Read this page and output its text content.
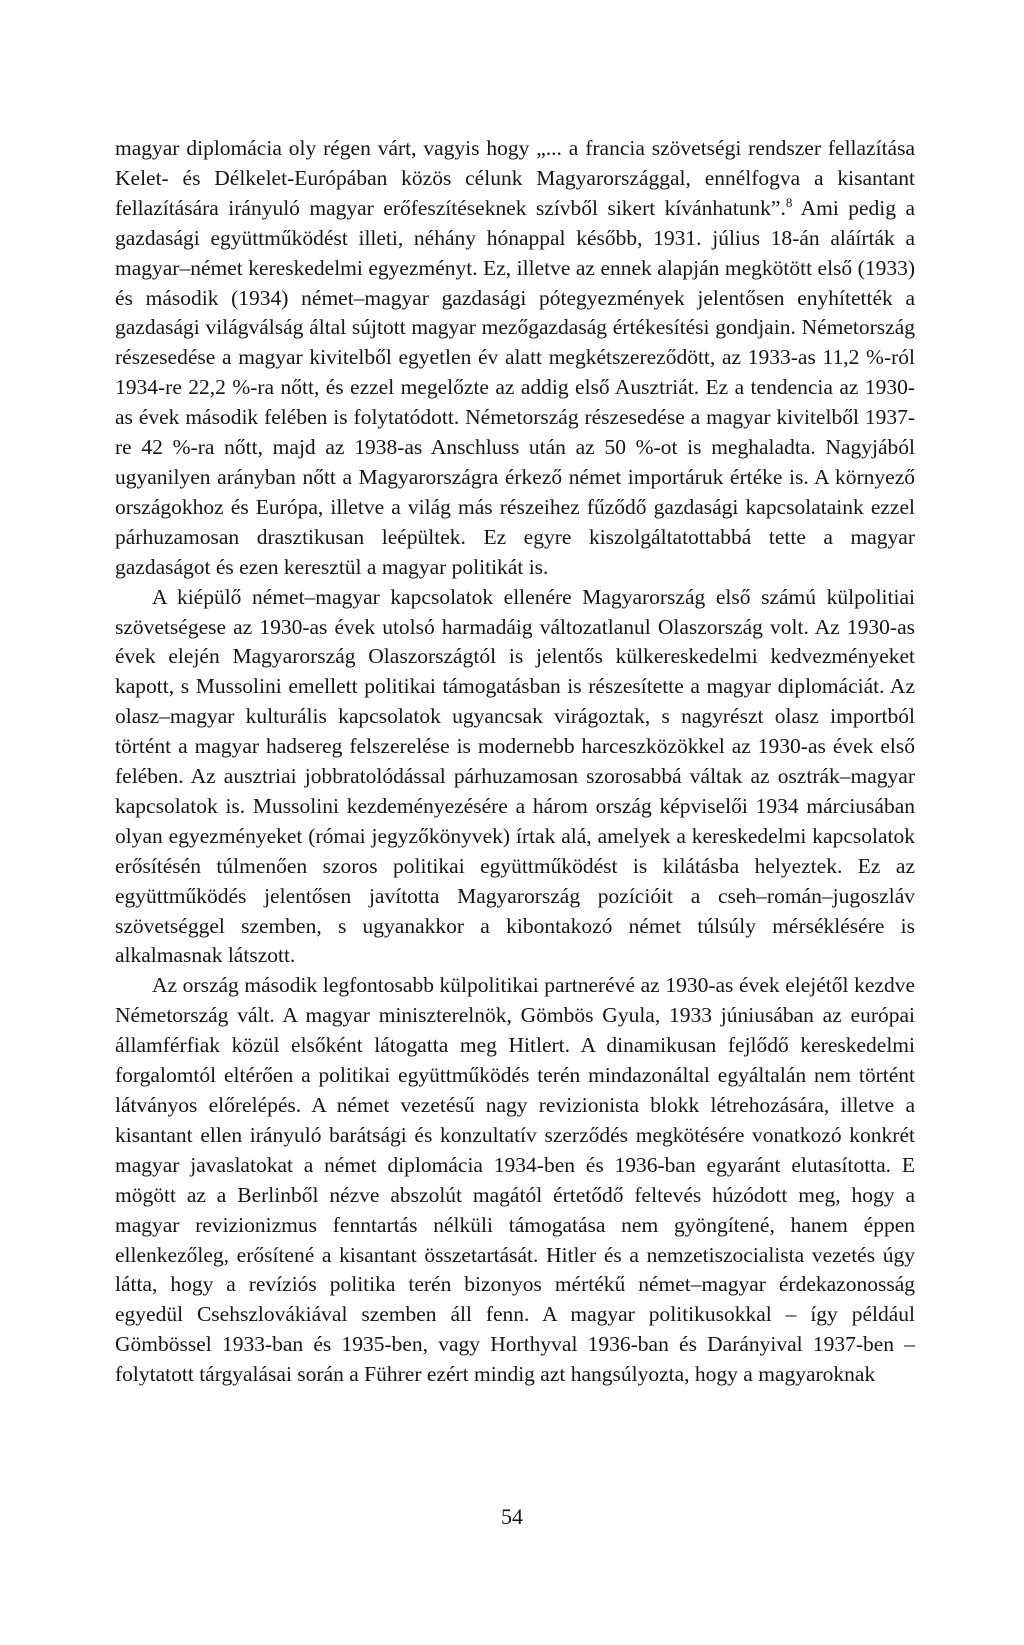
magyar diplomácia oly régen várt, vagyis hogy „... a francia szövetségi rendszer fellazítása Kelet- és Délkelet-Európában közös célunk Magyarországgal, ennélfogva a kisantant fellazítására irányuló magyar erőfeszítéseknek szívből sikert kívánhatunk”.$^8$ Ami pedig a gazdasági együttműködést illeti, néhány hónappal később, 1931. július 18-án aláírták a magyar–német kereskedelmi egyezményt. Ez, illetve az ennek alapján megkötött első (1933) és második (1934) német–magyar gazdasági pótegyezmények jelentősen enyhítették a gazdasági világválság által sújtott magyar mezőgazdaság értékesítési gondjain. Németország részesedése a magyar kivitelből egyetlen év alatt megkétszereződött, az 1933-as 11,2 %-ról 1934-re 22,2 %-ra nőtt, és ezzel megelőzte az addig első Ausztriát. Ez a tendencia az 1930-as évek második felében is folytatódott. Németország részesedése a magyar kivitelből 1937-re 42 %-ra nőtt, majd az 1938-as Anschluss után az 50 %-ot is meghaladta. Nagyjából ugyanilyen arányban nőtt a Magyarországra érkező német importáruk értéke is. A környező országokhoz és Európa, illetve a világ más részeihez fűződő gazdasági kapcsolataink ezzel párhuzamosan drasztikusan leépültek. Ez egyre kiszolgáltatottabbá tette a magyar gazdaságot és ezen keresztül a magyar politikát is.

A kiépülő német–magyar kapcsolatok ellenére Magyarország első számú külpolitiai szövetségese az 1930-as évek utolsó harmadáig változatlanul Olaszország volt. Az 1930-as évek elején Magyarország Olaszországtól is jelentős külkereskedelmi kedvezményeket kapott, s Mussolini emellett politikai támogatásban is részesítette a magyar diplomáciát. Az olasz–magyar kulturális kapcsolatok ugyancsak virágoztak, s nagyrészt olasz importból történt a magyar hadsereg felszerelése is modernebb harceszközökkel az 1930-as évek első felében. Az ausztriai jobbratolódással párhuzamosan szorosabbá váltak az osztrák–magyar kapcsolatok is. Mussolini kezdeményezésére a három ország képviselői 1934 márciusában olyan egyezményeket (római jegyzőkönyvek) írtak alá, amelyek a kereskedelmi kapcsolatok erősítésén túlmenően szoros politikai együttműködést is kilátásba helyeztek. Ez az együttműködés jelentősen javította Magyarország pozícióit a cseh–román–jugoszláv szövetséggel szemben, s ugyanakkor a kibontakozó német túlsúly mérséklésére is alkalmasnak látszott.

Az ország második legfontosabb külpolitikai partnerévé az 1930-as évek elejétől kezdve Németország vált. A magyar miniszterelnök, Gömbös Gyula, 1933 júniusában az európai államférfiak közül elsőként látogatta meg Hitlert. A dinamikusan fejlődő kereskedelmi forgalomtól eltérően a politikai együttműködés terén mindazonáltal egyáltalán nem történt látványos előrelépés. A német vezetésű nagy revizionista blokk létrehozására, illetve a kisantant ellen irányuló barátsági és konzultatív szerződés megkötésére vonatkozó konkrét magyar javaslatokat a német diplomácia 1934-ben és 1936-ban egyaránt elutasította. E mögött az a Berlinből nézve abszolút magától értetődő feltevés húzódott meg, hogy a magyar revizionizmus fenntartás nélküli támogatása nem gyöngítené, hanem éppen ellenkezőleg, erősítené a kisantant összetartását. Hitler és a nemzetiszocialista vezetés úgy látta, hogy a revíziós politika terén bizonyos mértékű német–magyar érdekazonosság egyedül Csehszlovákiával szemben áll fenn. A magyar politikusokkal – így például Gömbössel 1933-ban és 1935-ben, vagy Horthyval 1936-ban és Darányival 1937-ben – folytatott tárgyalásai során a Führer ezért mindig azt hangsúlyozta, hogy a magyaroknak

54
